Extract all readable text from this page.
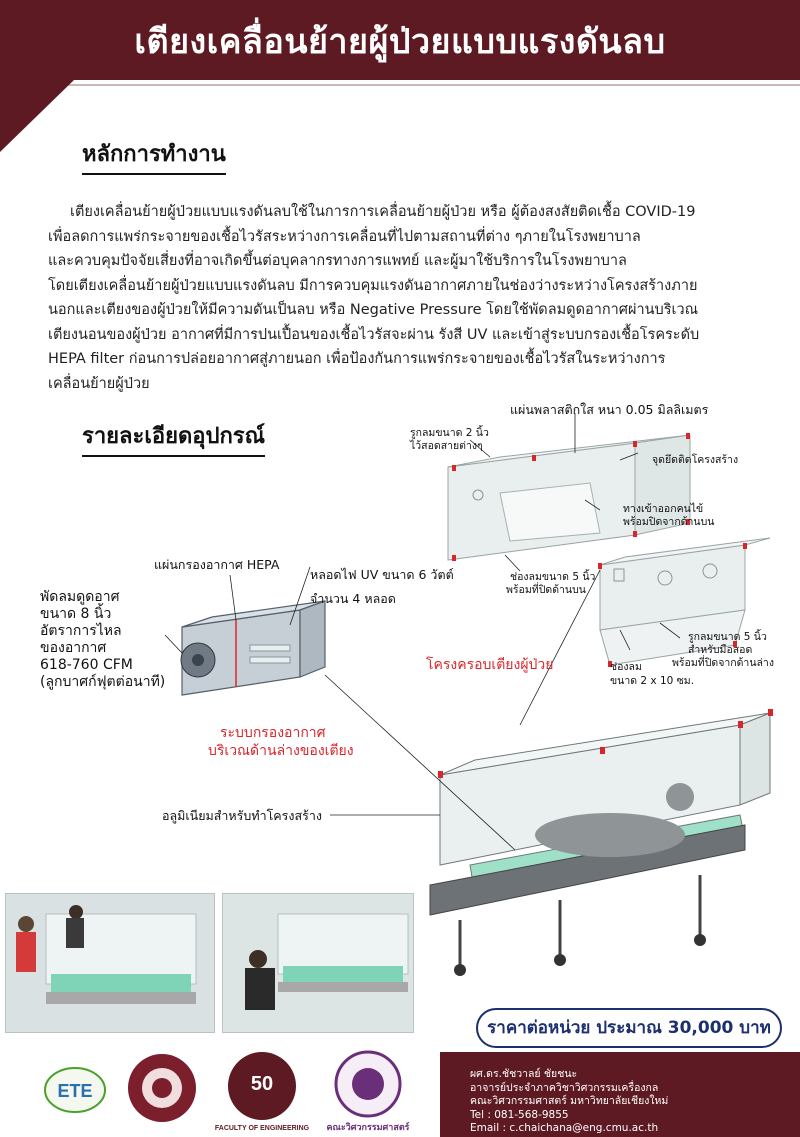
เตียงเคลื่อนย้ายผู้ป่วยแบบแรงดันลบ
หลักการทำงาน
เตียงเคลื่อนย้ายผู้ป่วยแบบแรงดันลบใช้ในการการเคลื่อนย้ายผู้ป่วย หรือ ผู้ต้องสงสัยติดเชื้อ COVID-19
เพื่อลดการแพร่กระจายของเชื้อไวรัสระหว่างการเคลื่อนที่ไปตามสถานที่ต่าง ๆภายในโรงพยาบาล
และควบคุมปัจจัยเสี่ยงที่อาจเกิดขึ้นต่อบุคลากรทางการแพทย์ และผู้มาใช้บริการในโรงพยาบาล
โดยเตียงเคลื่อนย้ายผู้ป่วยแบบแรงดันลบ มีการควบคุมแรงดันอากาศภายในช่องว่างระหว่างโครงสร้างภาย
นอกและเตียงของผู้ป่วยให้มีความดันเป็นลบ หรือ Negative Pressure โดยใช้พัดลมดูดอากาศผ่านบริเวณ
เตียงนอนของผู้ป่วย อากาศที่มีการปนเปื้อนของเชื้อไวรัสจะผ่าน รังสี UV และเข้าสู่ระบบกรองเชื้อโรคระดับ
HEPA filter ก่อนการปล่อยอากาศสู่ภายนอก เพื่อป้องกันการแพร่กระจายของเชื้อไวรัสในระหว่างการ
เคลื่อนย้ายผู้ป่วย
รายละเอียดอุปกรณ์
แผ่นพลาสติกใส หนา 0.05 มิลลิเมตร
รูกลมขนาด 2 นิ้ว
ไว้สอดสายต่างๆ
จุดยึดติดโครงสร้าง
ทางเข้าออกคนไข้
พร้อมปิดจากด้านบน
ช่องลมขนาด 5 นิ้ว
พร้อมที่ปิดด้านบน
แผ่นกรองอากาศ HEPA
หลอดไฟ UV ขนาด 6 วัตต์
จำนวน 4 หลอด
พัดลมดูดอาศ
ขนาด 8 นิ้ว
อัตราการไหล
ของอากาศ
618-760 CFM
(ลูกบาศก์ฟุตต่อนาที)
รูกลมขนาด 5 นิ้ว
สำหรับมือสอด
พร้อมที่ปิดจากด้านล่าง
ช่องลม
ขนาด 2 x 10 ซม.
โครงครอบเตียงผู้ป่วย
ระบบกรองอากาศ
บริเวณด้านล่างของเตียง
อลูมิเนียมสำหรับทำโครงสร้าง
ราคาต่อหน่วย ประมาณ 30,000 บาท
ETE	50
FACULTY OF ENGINEERING คณะวิศวกรรมศาสตร์
ผศ.ดร.ชัชวาลย์ ชัยชนะ
อาจารย์ประจำภาควิชาวิศวกรรมเครื่องกล
คณะวิศวกรรมศาสตร์ มหาวิทยาลัยเชียงใหม่
Tel : 081-568-9855
Email : c.chaichana@eng.cmu.ac.th
